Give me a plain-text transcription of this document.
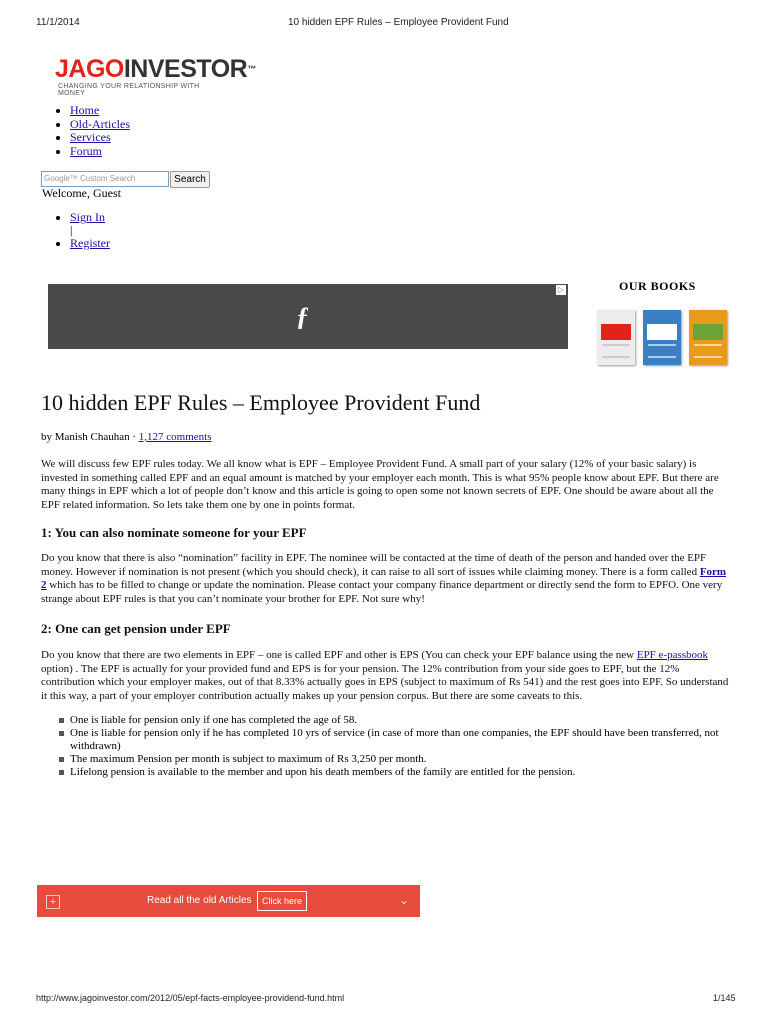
11/1/2014	10 hidden EPF Rules – Employee Provident Fund
JAGOINVESTOR™
CHANGING YOUR RELATIONSHIP WITH MONEY
• Home
• Old-Articles
• Services
• Forum
Google™ Custom Search	Search
Welcome, Guest
• Sign In
|
• Register
ƒ
▷	OUR BOOKS
10 hidden EPF Rules – Employee Provident Fund
by Manish Chauhan · 1,127 comments
We will discuss few EPF rules today. We all know what is EPF – Employee Provident Fund. A small part of your salary (12% of your basic salary) is invested in something called EPF and an equal amount is matched by your employer each month. This is what 95% people know about EPF. But there are many things in EPF which a lot of people don’t know and this article is going to open some not known secrets of EPF. One should be aware about all the EPF related information. So lets take them one by one in points format.
1: You can also nominate someone for your EPF
Do you know that there is also “nomination” facility in EPF. The nominee will be contacted at the time of death of the person and handed over the EPF money. However if nomination is not present (which you should check), it can raise to all sort of issues while claiming money. There is a form called Form 2 which has to be filled to change or update the nomination. Please contact your company finance department or directly send the form to EPFO. One very strange about EPF rules is that you can’t nominate your brother for EPF. Not sure why!
2: One can get pension under EPF
Do you know that there are two elements in EPF – one is called EPF and other is EPS (You can check your EPF balance using the new EPF e-passbook option) . The EPF is actually for your provided fund and EPS is for your pension. The 12% contribution from your side goes to EPF, but the 12% contribution which your employer makes, out of that 8.33% actually goes in EPS (subject to maximum of Rs 541) and the rest goes into EPF. So understand it this way, a part of your employer contribution actually makes up your pension corpus. But there are some caveats to this.
One is liable for pension only if one has completed the age of 58.
One is liable for pension only if he has completed 10 yrs of service (in case of more than one companies, the EPF should have been transferred, not withdrawn)
The maximum Pension per month is subject to maximum of Rs 3,250 per month.
Lifelong pension is available to the member and upon his death members of the family are entitled for the pension.
+	Read all the old Articles	Click here	⌄
http://www.jagoinvestor.com/2012/05/epf-facts-employee-providend-fund.html	1/145
